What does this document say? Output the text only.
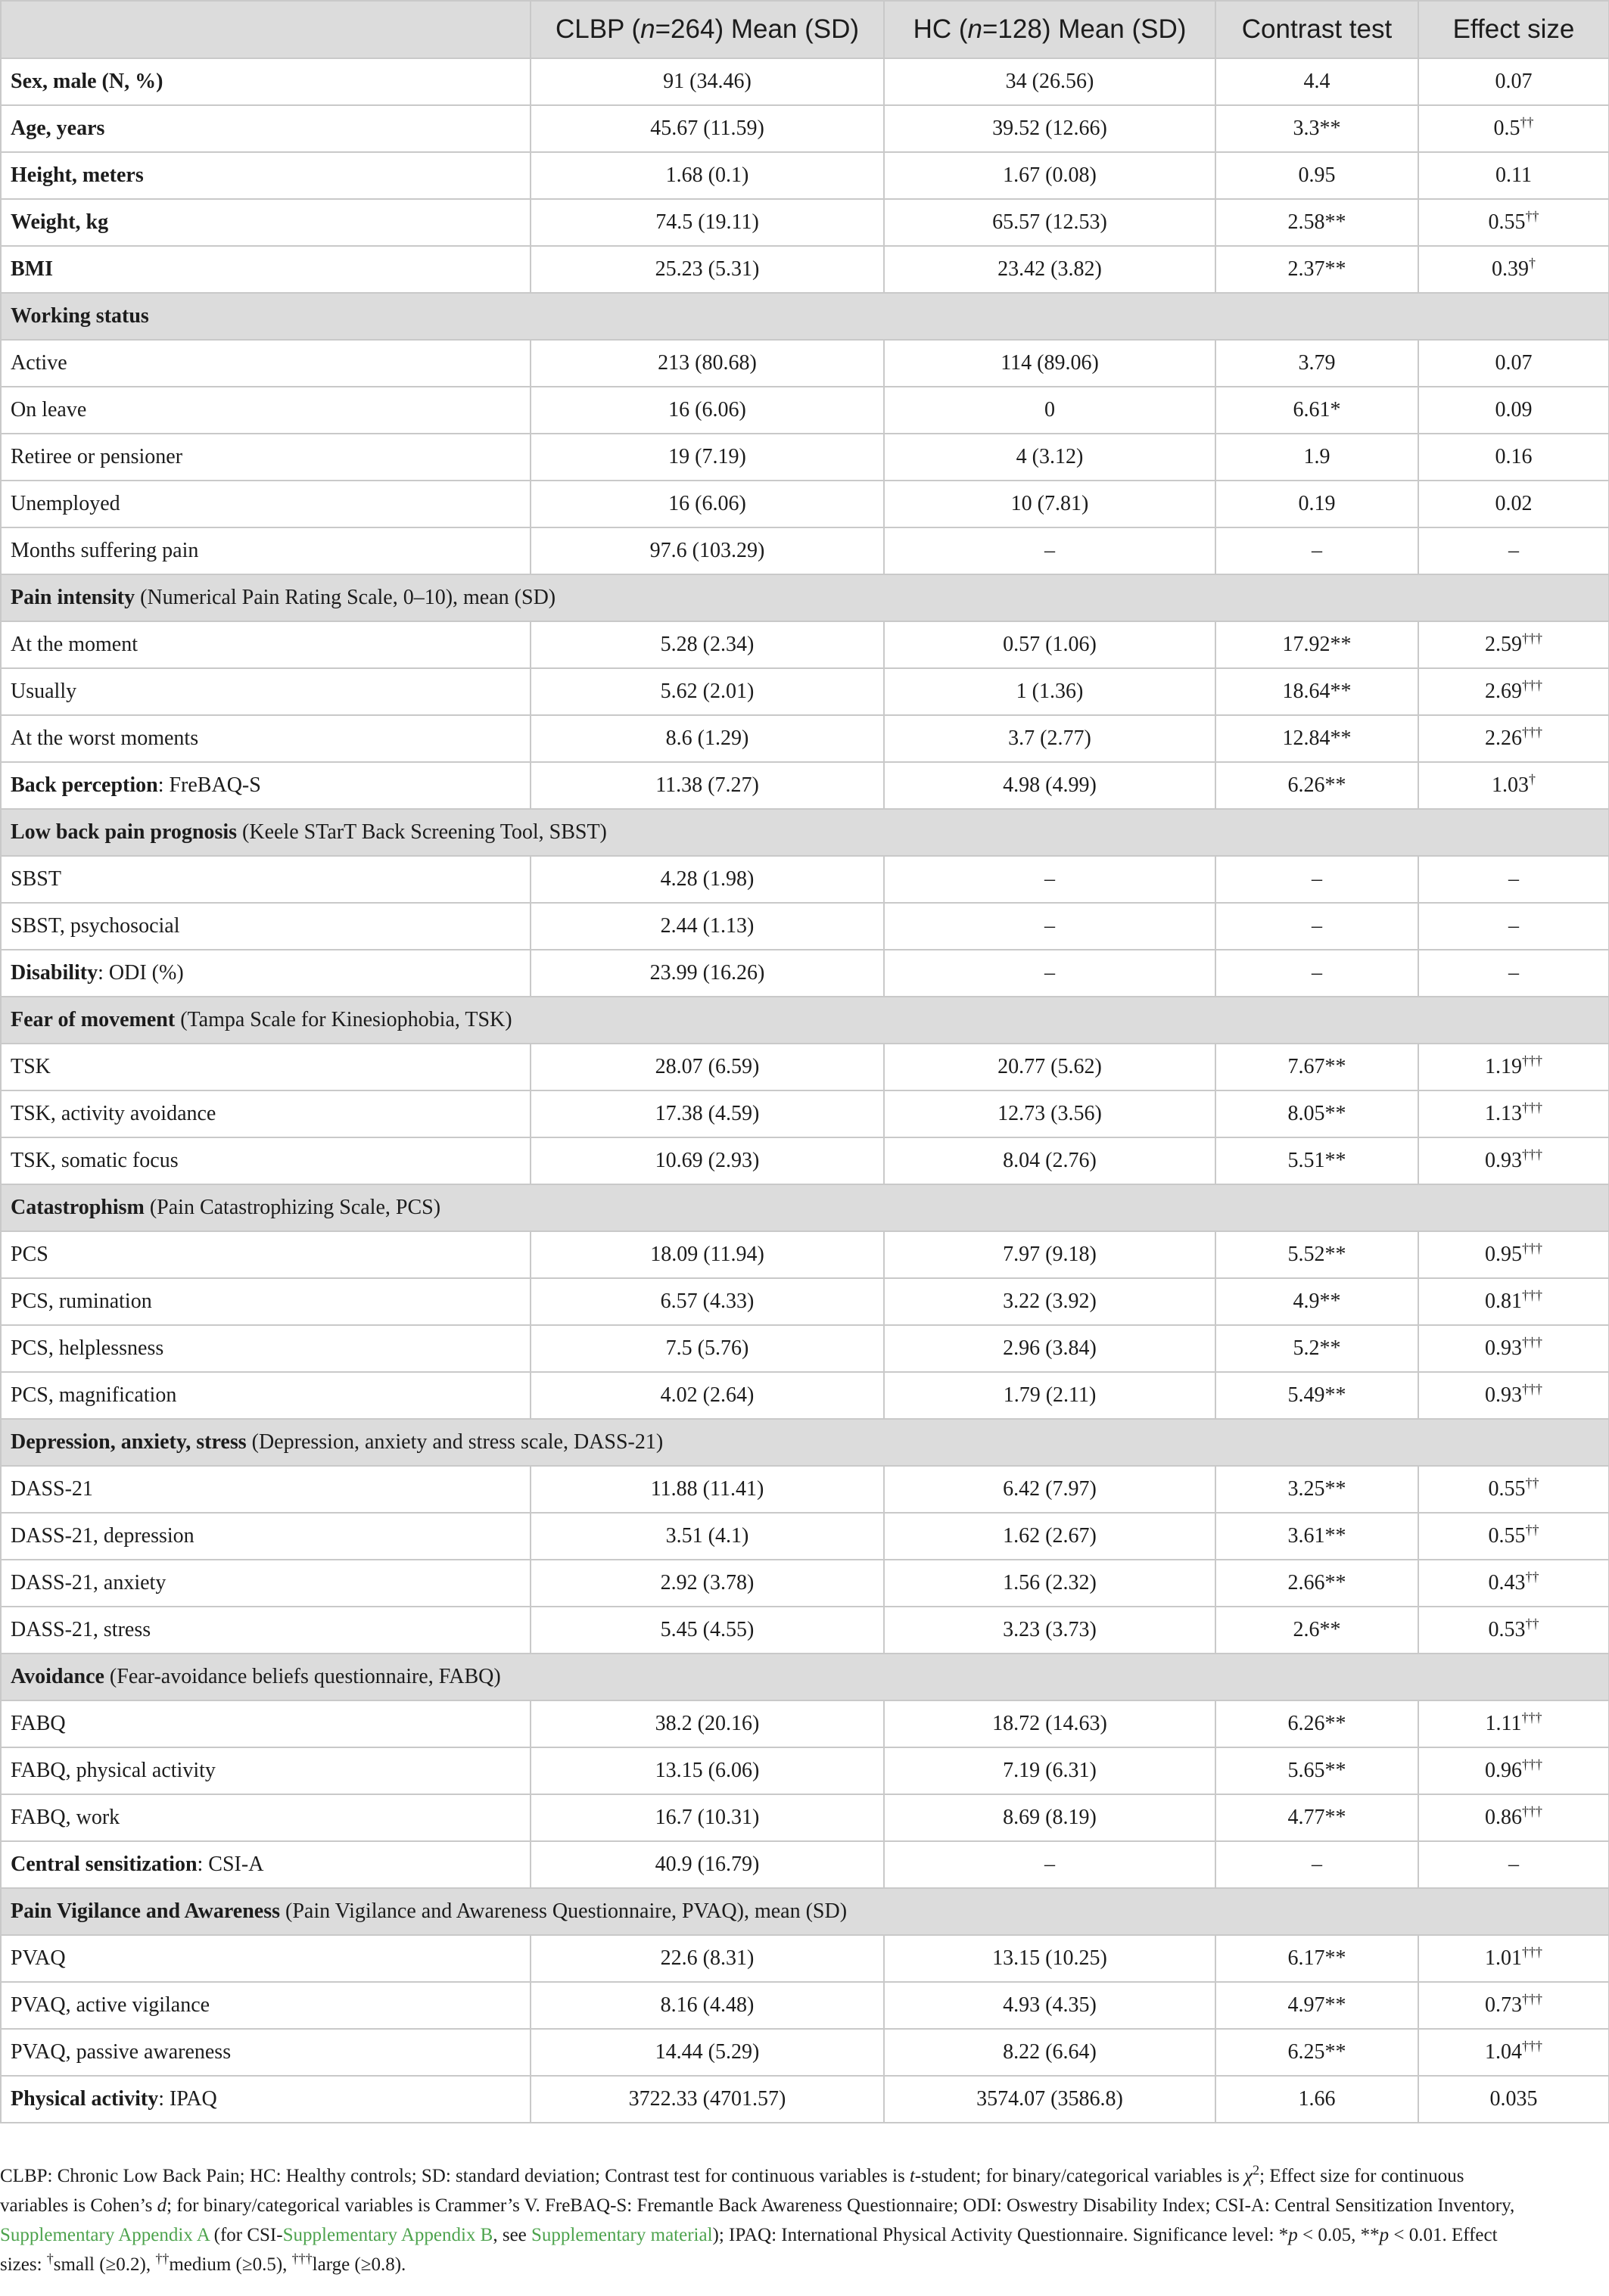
	CLBP (n=264) Mean (SD)	HC (n=128) Mean (SD)	Contrast test	Effect size
Sex, male (N, %)	91 (34.46)	34 (26.56)	4.4	0.07
Age, years	45.67 (11.59)	39.52 (12.66)	3.3**	0.5††
Height, meters	1.68 (0.1)	1.67 (0.08)	0.95	0.11
Weight, kg	74.5 (19.11)	65.57 (12.53)	2.58**	0.55††
BMI	25.23 (5.31)	23.42 (3.82)	2.37**	0.39†
Working status				
Active	213 (80.68)	114 (89.06)	3.79	0.07
On leave	16 (6.06)	0	6.61*	0.09
Retiree or pensioner	19 (7.19)	4 (3.12)	1.9	0.16
Unemployed	16 (6.06)	10 (7.81)	0.19	0.02
Months suffering pain	97.6 (103.29)	–	–	–
Pain intensity (Numerical Pain Rating Scale, 0–10), mean (SD)				
At the moment	5.28 (2.34)	0.57 (1.06)	17.92**	2.59†††
Usually	5.62 (2.01)	1 (1.36)	18.64**	2.69†††
At the worst moments	8.6 (1.29)	3.7 (2.77)	12.84**	2.26†††
Back perception: FreBAQ-S	11.38 (7.27)	4.98 (4.99)	6.26**	1.03†
Low back pain prognosis (Keele STarT Back Screening Tool, SBST)				
SBST	4.28 (1.98)	–	–	–
SBST, psychosocial	2.44 (1.13)	–	–	–
Disability: ODI (%)	23.99 (16.26)	–	–	–
Fear of movement (Tampa Scale for Kinesiophobia, TSK)				
TSK	28.07 (6.59)	20.77 (5.62)	7.67**	1.19†††
TSK, activity avoidance	17.38 (4.59)	12.73 (3.56)	8.05**	1.13†††
TSK, somatic focus	10.69 (2.93)	8.04 (2.76)	5.51**	0.93†††
Catastrophism (Pain Catastrophizing Scale, PCS)				
PCS	18.09 (11.94)	7.97 (9.18)	5.52**	0.95†††
PCS, rumination	6.57 (4.33)	3.22 (3.92)	4.9**	0.81†††
PCS, helplessness	7.5 (5.76)	2.96 (3.84)	5.2**	0.93†††
PCS, magnification	4.02 (2.64)	1.79 (2.11)	5.49**	0.93†††
Depression, anxiety, stress (Depression, anxiety and stress scale, DASS-21)				
DASS-21	11.88 (11.41)	6.42 (7.97)	3.25**	0.55††
DASS-21, depression	3.51 (4.1)	1.62 (2.67)	3.61**	0.55††
DASS-21, anxiety	2.92 (3.78)	1.56 (2.32)	2.66**	0.43††
DASS-21, stress	5.45 (4.55)	3.23 (3.73)	2.6**	0.53††
Avoidance (Fear-avoidance beliefs questionnaire, FABQ)				
FABQ	38.2 (20.16)	18.72 (14.63)	6.26**	1.11†††
FABQ, physical activity	13.15 (6.06)	7.19 (6.31)	5.65**	0.96†††
FABQ, work	16.7 (10.31)	8.69 (8.19)	4.77**	0.86†††
Central sensitization: CSI-A	40.9 (16.79)	–	–	–
Pain Vigilance and Awareness (Pain Vigilance and Awareness Questionnaire, PVAQ), mean (SD)				
PVAQ	22.6 (8.31)	13.15 (10.25)	6.17**	1.01†††
PVAQ, active vigilance	8.16 (4.48)	4.93 (4.35)	4.97**	0.73†††
PVAQ, passive awareness	14.44 (5.29)	8.22 (6.64)	6.25**	1.04†††
Physical activity: IPAQ	3722.33 (4701.57)	3574.07 (3586.8)	1.66	0.035

CLBP: Chronic Low Back Pain; HC: Healthy controls; SD: standard deviation; Contrast test for continuous variables is t-student; for binary/categorical variables is $\chi^2$; Effect size for continuous

variables is Cohen’s d; for binary/categorical variables is Crammer’s V. FreBAQ-S: Fremantle Back Awareness Questionnaire; ODI: Oswestry Disability Index; CSI-A: Central Sensitization Inventory,

Supplementary Appendix A (for CSI-Supplementary Appendix B, see Supplementary material); IPAQ: International Physical Activity Questionnaire. Significance level: *p < 0.05, **p < 0.01. Effect

sizes: †small (≥0.2), ††medium (≥0.5), †††large (≥0.8).
